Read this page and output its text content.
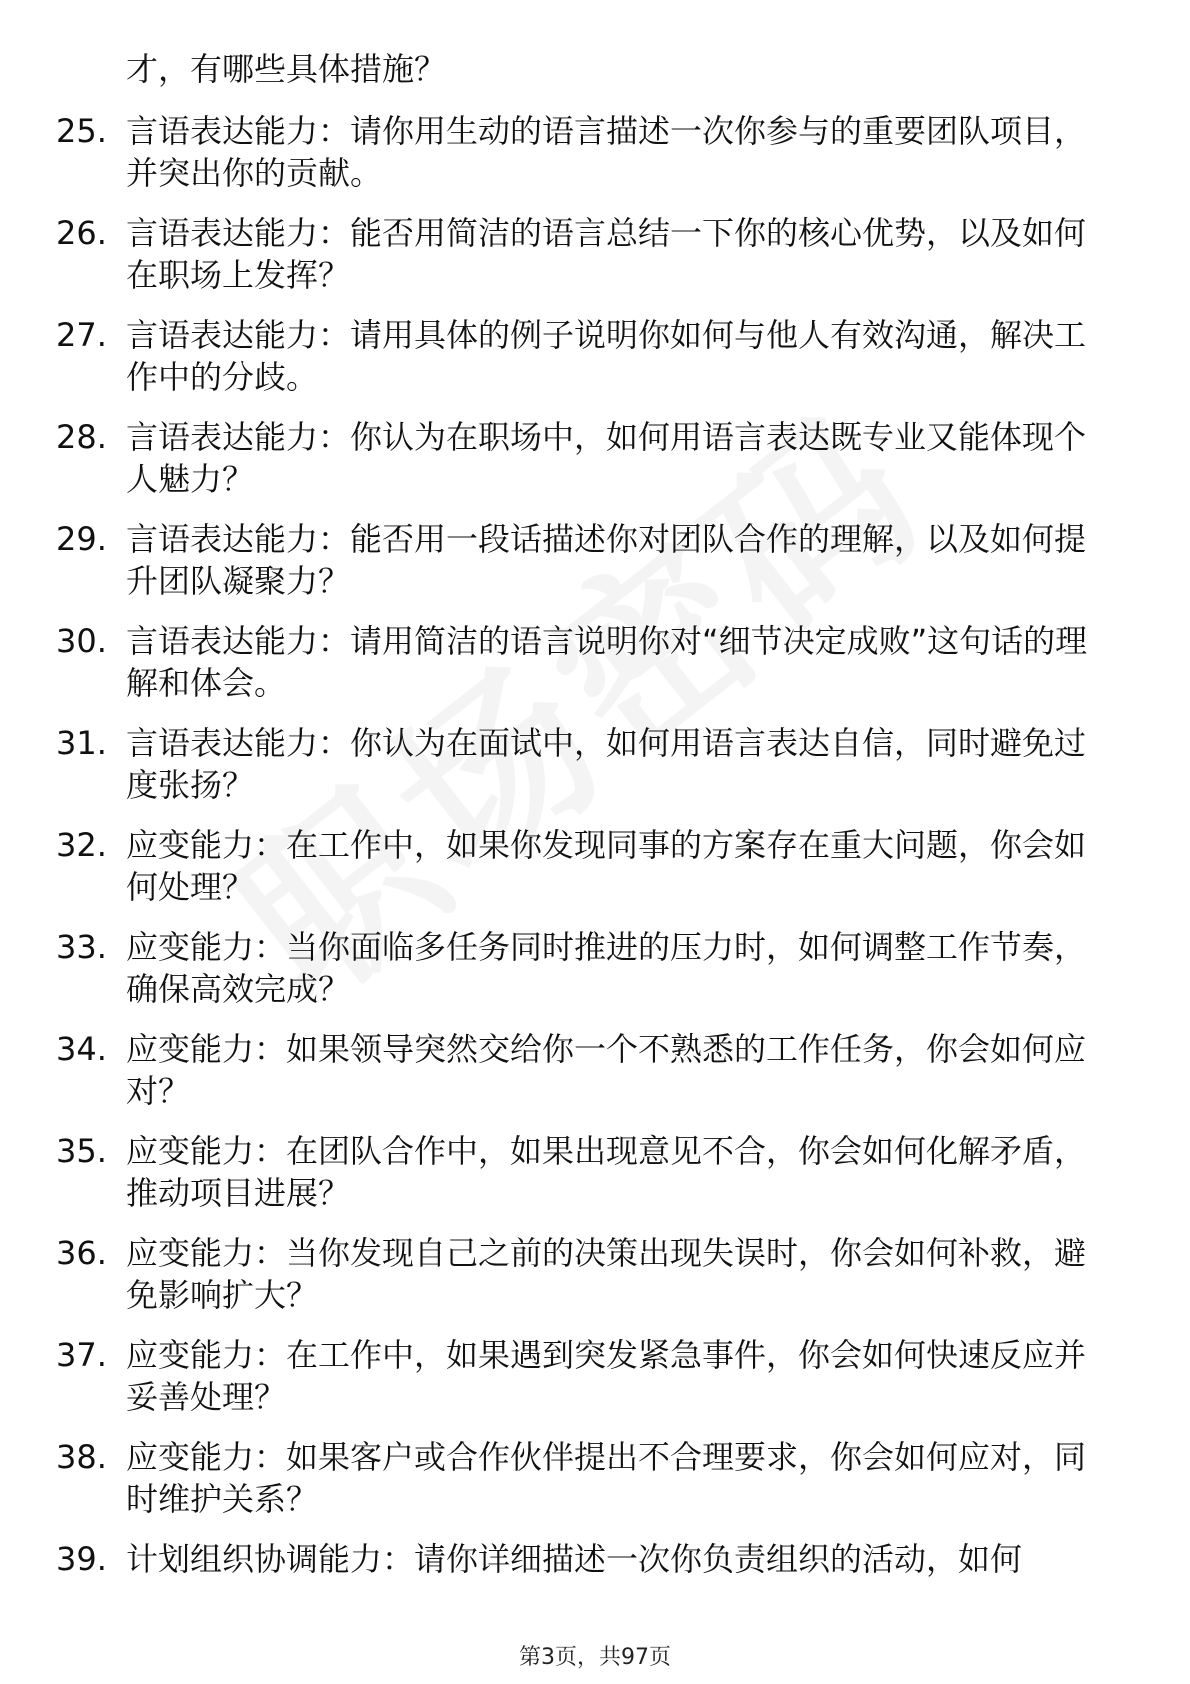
才，有哪些具体措施？
25. 言语表达能力：请你用生动的语言描述一次你参与的重要团队项目，并突出你的贡献。
26. 言语表达能力：能否用简洁的语言总结一下你的核心优势，以及如何在职场上发挥？
27. 言语表达能力：请用具体的例子说明你如何与他人有效沟通，解决工作中的分歧。
28. 言语表达能力：你认为在职场中，如何用语言表达既专业又能体现个人魅力？
29. 言语表达能力：能否用一段话描述你对团队合作的理解，以及如何提升团队凝聚力？
30. 言语表达能力：请用简洁的语言说明你对“细节决定成败”这句话的理解和体会。
31. 言语表达能力：你认为在面试中，如何用语言表达自信，同时避免过度张扬？
32. 应变能力：在工作中，如果你发现同事的方案存在重大问题，你会如何处理？
33. 应变能力：当你面临多任务同时推进的压力时，如何调整工作节奏，确保高效完成？
34. 应变能力：如果领导突然交给你一个不熟悉的工作任务，你会如何应对？
35. 应变能力：在团队合作中，如果出现意见不合，你会如何化解矛盾，推动项目进展？
36. 应变能力：当你发现自己之前的决策出现失误时，你会如何补救，避免影响扩大？
37. 应变能力：在工作中，如果遇到突发紧急事件，你会如何快速反应并妥善处理？
38. 应变能力：如果客户或合作伙伴提出不合理要求，你会如何应对，同时维护关系？
39. 计划组织协调能力：请你详细描述一次你负责组织的活动，如何
第3页，共97页
